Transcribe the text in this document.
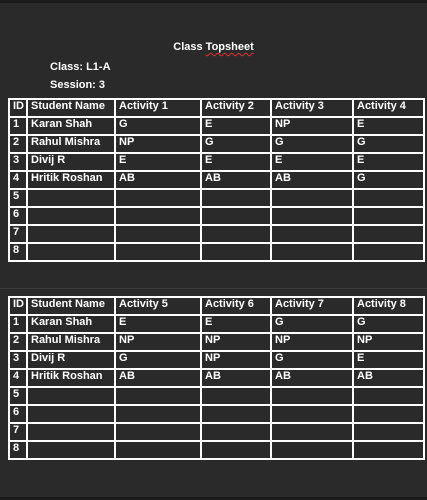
Class Topsheet
Class: L1-A
Session: 3
ID	Student Name	Activity 1	Activity 2	Activity 3	Activity 4
1	Karan Shah	G	E	NP	E
2	Rahul Mishra	NP	G	G	G
3	Divij R	E	E	E	E
4	Hritik Roshan	AB	AB	AB	G
5					
6					
7					
8					
ID	Student Name	Activity 5	Activity 6	Activity 7	Activity 8
1	Karan Shah	E	E	G	G
2	Rahul Mishra	NP	NP	NP	NP
3	Divij R	G	NP	G	E
4	Hritik Roshan	AB	AB	AB	AB
5					
6					
7					
8					
